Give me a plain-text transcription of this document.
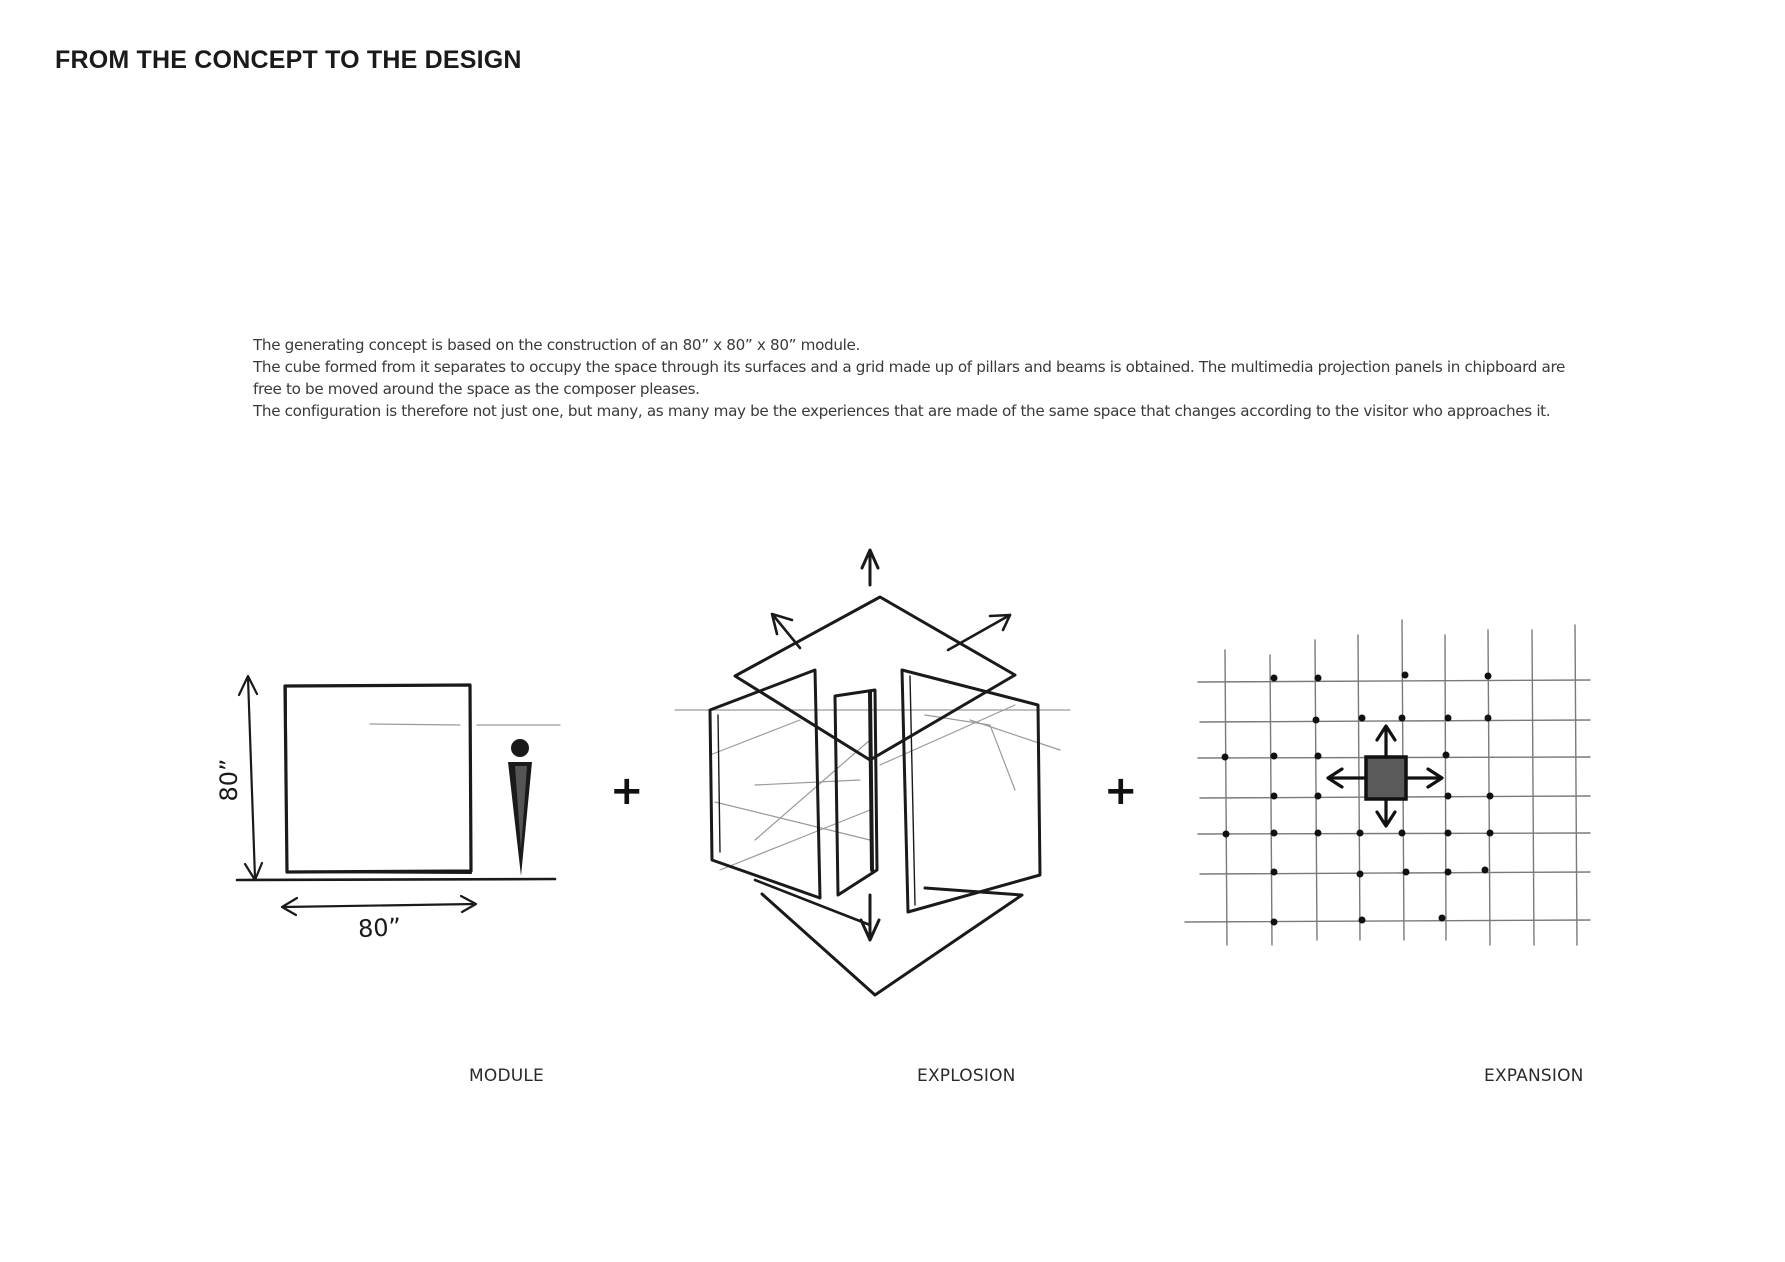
FROM THE CONCEPT TO THE DESIGN

The generating concept is based on the construction of an 80” x 80” x 80” module.

The cube formed from it separates to occupy the space through its surfaces and a grid made up of pillars and beams is obtained. The multimedia projection panels in chipboard are free to be moved around the space as the composer pleases.

The configuration is therefore not just one, but many, as many may be the experiences that are made of the same space that changes according to the visitor who approaches it.

80”
80”
+	+
MODULE	EXPLOSION	EXPANSION
